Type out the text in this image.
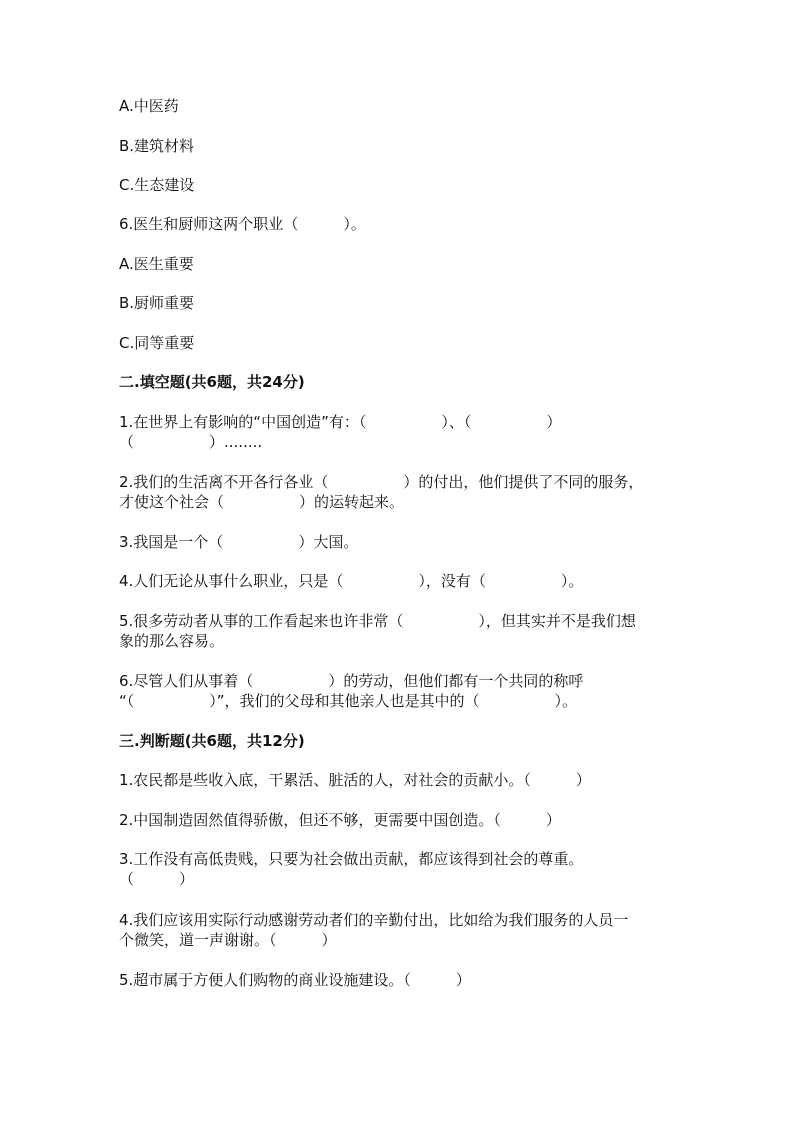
A.中医药
B.建筑材料
C.生态建设
6.医生和厨师这两个职业（　　　）。
A.医生重要
B.厨师重要
C.同等重要
二.填空题(共6题，共24分)
1.在世界上有影响的“中国创造”有：（　　　　　）、（　　　　　）
（　　　　　）........
2.我们的生活离不开各行各业（　　　　　）的付出，他们提供了不同的服务，
才使这个社会（　　　　　）的运转起来。
3.我国是一个（　　　　　）大国。
4.人们无论从事什么职业，只是（　　　　　），没有（　　　　　）。
5.很多劳动者从事的工作看起来也许非常（　　　　　），但其实并不是我们想
象的那么容易。
6.尽管人们从事着（　　　　　）的劳动，但他们都有一个共同的称呼
“（　　　　　）”，我们的父母和其他亲人也是其中的（　　　　　）。
三.判断题(共6题，共12分)
1.农民都是些收入底，干累活、脏活的人，对社会的贡献小。（　　　）
2.中国制造固然值得骄傲，但还不够，更需要中国创造。（　　　）
3.工作没有高低贵贱，只要为社会做出贡献，都应该得到社会的尊重。
（　　　）
4.我们应该用实际行动感谢劳动者们的辛勤付出，比如给为我们服务的人员一
个微笑，道一声谢谢。（　　　）
5.超市属于方便人们购物的商业设施建设。（　　　）
